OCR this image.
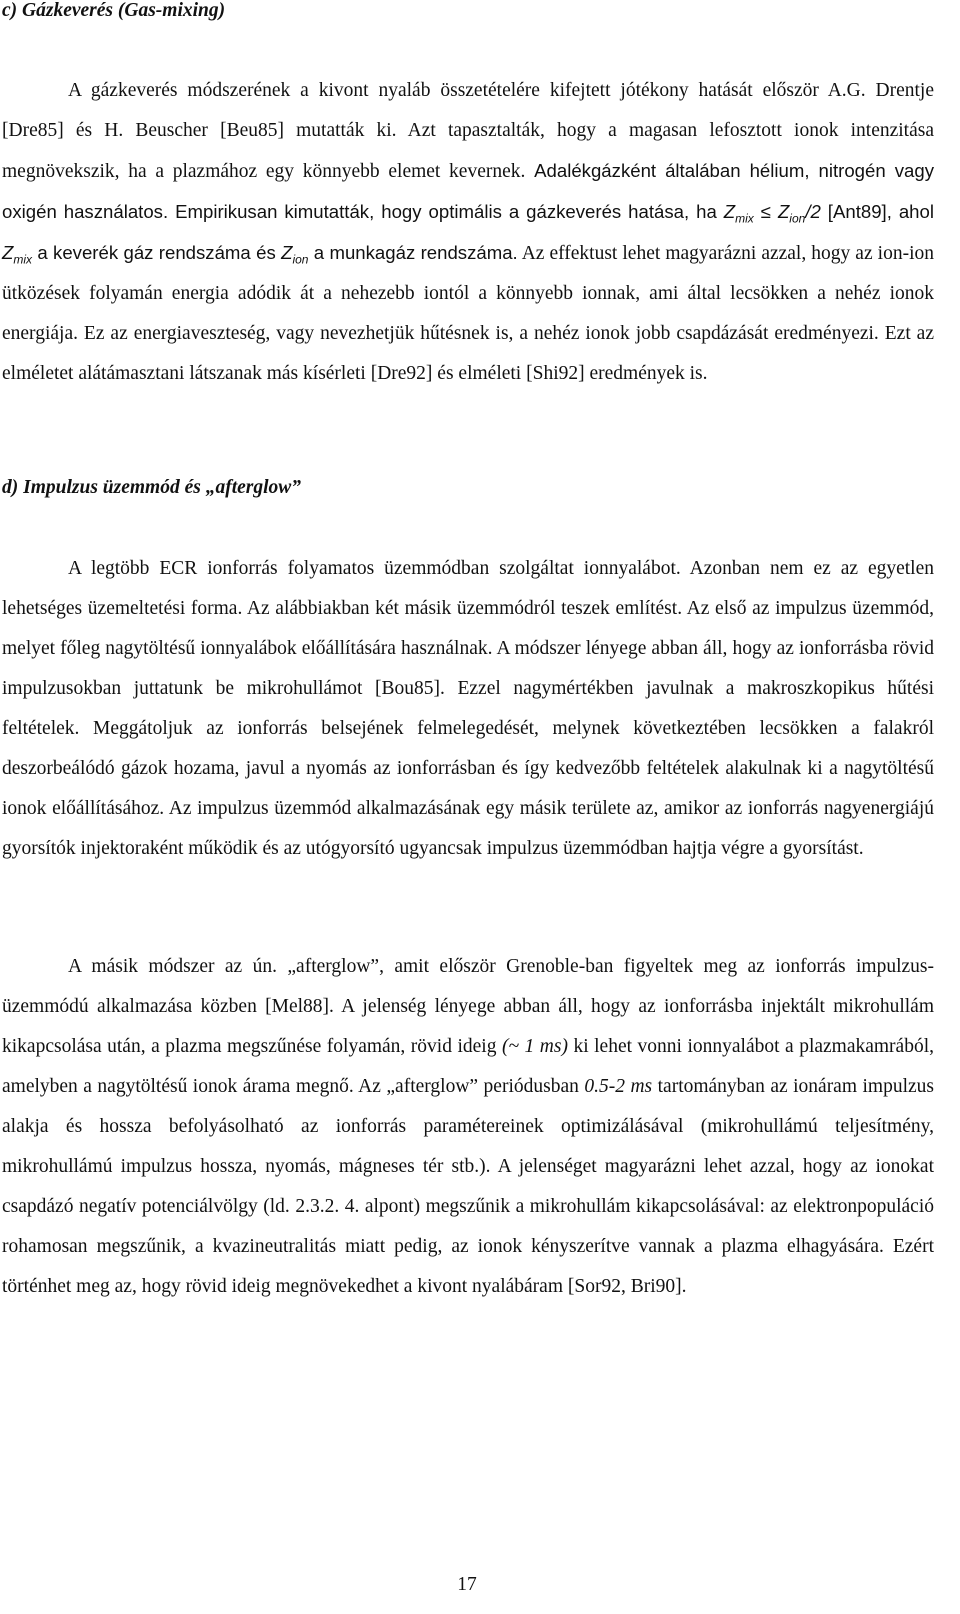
c) Gázkeverés (Gas-mixing)

A gázkeverés módszerének a kivont nyaláb összetételére kifejtett jótékony hatását először A.G. Drentje [Dre85] és H. Beuscher [Beu85] mutatták ki. Azt tapasztalták, hogy a magasan lefosztott ionok intenzitása megnövekszik, ha a plazmához egy könnyebb elemet kevernek. Adalékgázként általában hélium, nitrogén vagy oxigén használatos. Empirikusan kimutatták, hogy optimális a gázkeverés hatása, ha $Z_{mix} \le Z_{ion}/2$ [Ant89], ahol $Z_{mix}$ a keverék gáz rendszáma és $Z_{ion}$ a munkagáz rendszáma. Az effektust lehet magyarázni azzal, hogy az ion-ion ütközések folyamán energia adódik át a nehezebb iontól a könnyebb ionnak, ami által lecsökken a nehéz ionok energiája. Ez az energiaveszteség, vagy nevezhetjük hűtésnek is, a nehéz ionok jobb csapdázását eredményezi. Ezt az elméletet alátámasztani látszanak más kísérleti [Dre92] és elméleti [Shi92] eredmények is.

d) Impulzus üzemmód és „afterglow”

A legtöbb ECR ionforrás folyamatos üzemmódban szolgáltat ionnyalábot. Azonban nem ez az egyetlen lehetséges üzemeltetési forma. Az alábbiakban két másik üzemmódról teszek említést. Az első az impulzus üzemmód, melyet főleg nagytöltésű ionnyalábok előállítására használnak. A módszer lényege abban áll, hogy az ionforrásba rövid impulzusokban juttatunk be mikrohullámot [Bou85]. Ezzel nagymértékben javulnak a makroszkopikus hűtési feltételek. Meggátoljuk az ionforrás belsejének felmelegedését, melynek következtében lecsökken a falakról deszorbeálódó gázok hozama, javul a nyomás az ionforrásban és így kedvezőbb feltételek alakulnak ki a nagytöltésű ionok előállításához. Az impulzus üzemmód alkalmazásának egy másik területe az, amikor az ionforrás nagyenergiájú gyorsítók injektoraként működik és az utógyorsító ugyancsak impulzus üzemmódban hajtja végre a gyorsítást.

A másik módszer az ún. „afterglow”, amit először Grenoble-ban figyeltek meg az ionforrás impulzus-üzemmódú alkalmazása közben [Mel88]. A jelenség lényege abban áll, hogy az ionforrásba injektált mikrohullám kikapcsolása után, a plazma megszűnése folyamán, rövid ideig (~ 1 ms) ki lehet vonni ionnyalábot a plazmakamrából, amelyben a nagytöltésű ionok árama megnő. Az „afterglow” periódusban 0.5-2 ms tartományban az ionáram impulzus alakja és hossza befolyásolható az ionforrás paramétereinek optimizálásával (mikrohullámú teljesítmény, mikrohullámú impulzus hossza, nyomás, mágneses tér stb.). A jelenséget magyarázni lehet azzal, hogy az ionokat csapdázó negatív potenciálvölgy (ld. 2.3.2. 4. alpont) megszűnik a mikrohullám kikapcsolásával: az elektronpopuláció rohamosan megszűnik, a kvazineutralitás miatt pedig, az ionok kényszerítve vannak a plazma elhagyására. Ezért történhet meg az, hogy rövid ideig megnövekedhet a kivont nyalábáram [Sor92, Bri90].

17
